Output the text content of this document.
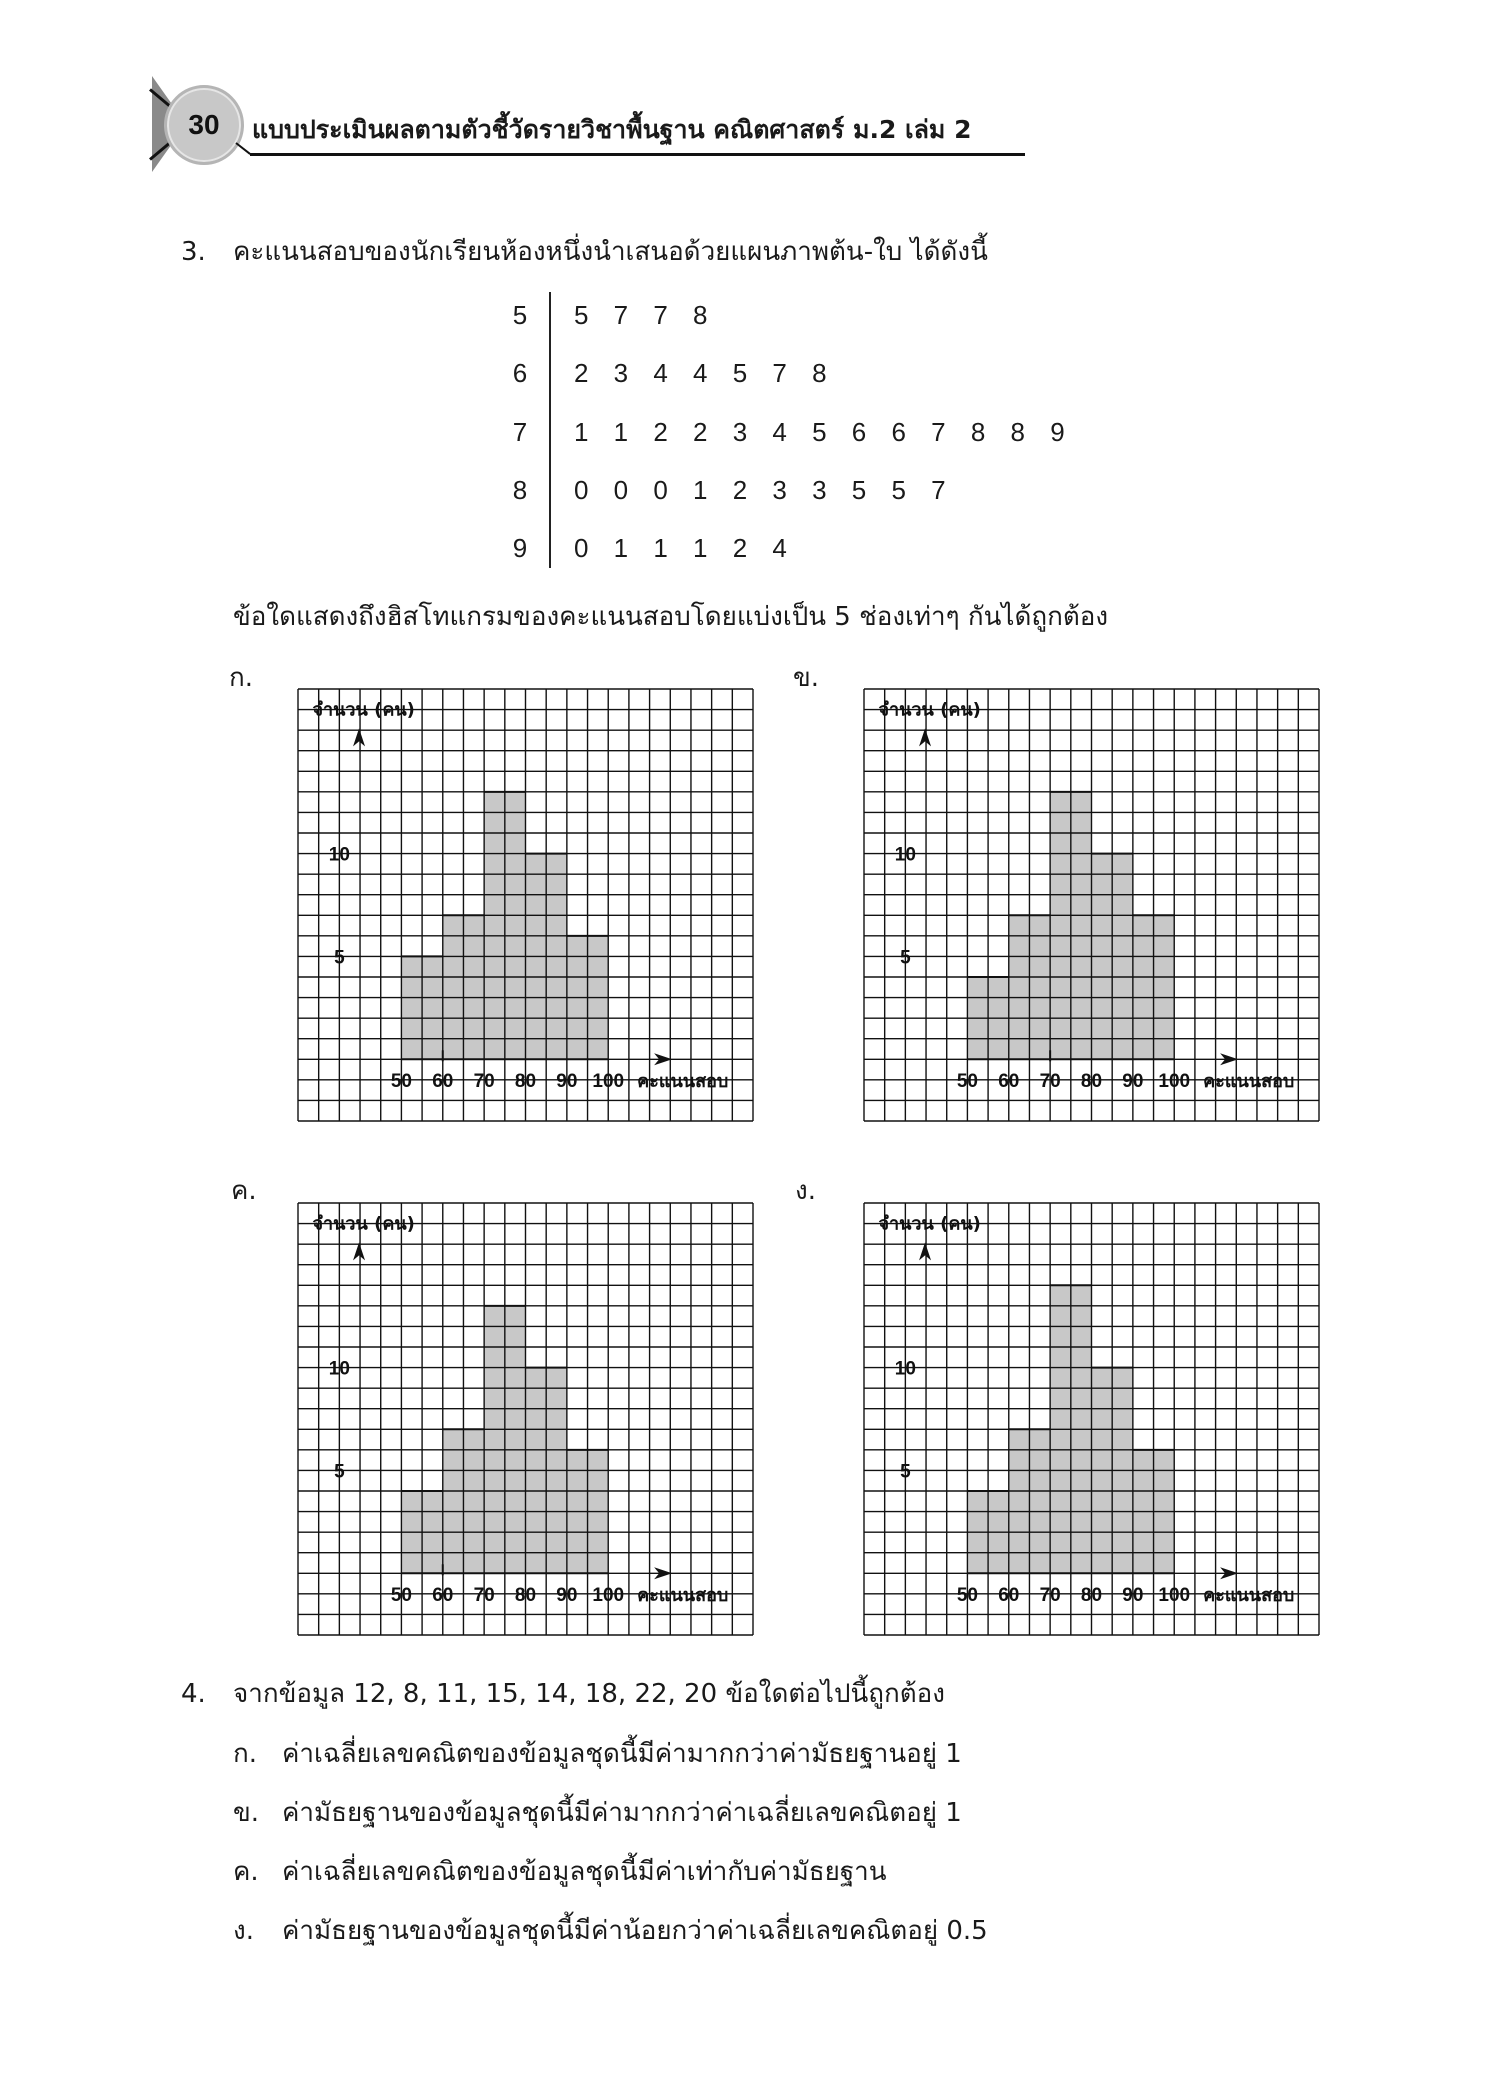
30 แบบประเมินผลตามตัวชี้วัดรายวิชาพื้นฐาน คณิตศาสตร์ ม.2 เล่ม 2
3. คะแนนสอบของนักเรียนห้องหนึ่งนำเสนอด้วยแผนภาพต้น-ใบ ได้ดังนี้
5 5 7 7 8
6 2 3 4 4 5 7 8
7 1 1 2 2 3 4 5 6 6 7 8 8 9
8 0 0 0 1 2 3 3 5 5 7
9 0 1 1 1 2 4
ข้อใดแสดงถึงฮิสโทแกรมของคะแนนสอบโดยแบ่งเป็น 5 ช่องเท่าๆ กันได้ถูกต้อง
ก.	ข.
ค.	ง.
5
10
50 60 70 80 90 100 คะแนนสอบ
จำนวน (คน)
5
10
50 60 70 80 90 100 คะแนนสอบ
จำนวน (คน)
5
10
50 60 70 80 90 100 คะแนนสอบ
จำนวน (คน)
5
10
50 60 70 80 90 100 คะแนนสอบ
จำนวน (คน)
4. จากข้อมูล 12, 8, 11, 15, 14, 18, 22, 20 ข้อใดต่อไปนี้ถูกต้อง
ก. ค่าเฉลี่ยเลขคณิตของข้อมูลชุดนี้มีค่ามากกว่าค่ามัธยฐานอยู่ 1
ข. ค่ามัธยฐานของข้อมูลชุดนี้มีค่ามากกว่าค่าเฉลี่ยเลขคณิตอยู่ 1
ค. ค่าเฉลี่ยเลขคณิตของข้อมูลชุดนี้มีค่าเท่ากับค่ามัธยฐาน
ง. ค่ามัธยฐานของข้อมูลชุดนี้มีค่าน้อยกว่าค่าเฉลี่ยเลขคณิตอยู่ 0.5
